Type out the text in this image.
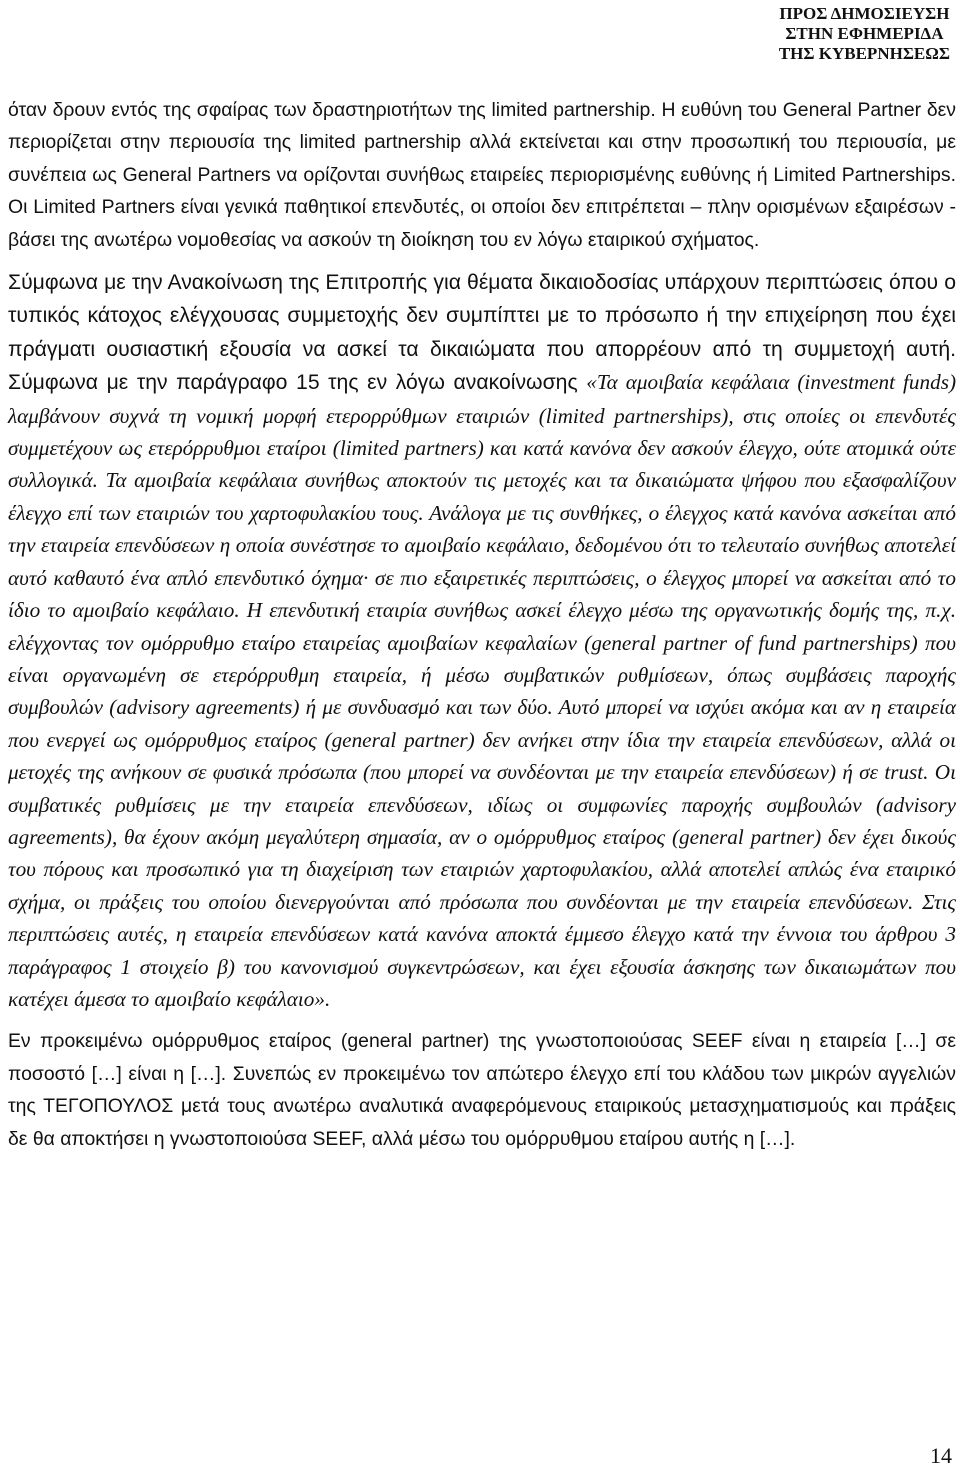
ΠΡΟΣ ΔΗΜΟΣΙΕΥΣΗ
ΣΤΗΝ ΕΦΗΜΕΡΙΔΑ
ΤΗΣ ΚΥΒΕΡΝΗΣΕΩΣ

όταν δρουν εντός της σφαίρας των δραστηριοτήτων της limited partnership. Η ευθύνη του General Partner δεν περιορίζεται στην περιουσία της limited partnership αλλά εκτείνεται και στην προσωπική του περιουσία, με συνέπεια ως General Partners να ορίζονται συνήθως εταιρείες περιορισμένης ευθύνης ή Limited Partnerships. Οι Limited Partners είναι γενικά παθητικοί επενδυτές, οι οποίοι δεν επιτρέπεται – πλην ορισμένων εξαιρέσων - βάσει της ανωτέρω νομοθεσίας να ασκούν τη διοίκηση του εν λόγω εταιρικού σχήματος.

Σύμφωνα με την Ανακοίνωση της Επιτροπής για θέματα δικαιοδοσίας υπάρχουν περιπτώσεις όπου ο τυπικός κάτοχος ελέγχουσας συμμετοχής δεν συμπίπτει με το πρόσωπο ή την επιχείρηση που έχει πράγματι ουσιαστική εξουσία να ασκεί τα δικαιώματα που απορρέουν από τη συμμετοχή αυτή. Σύμφωνα με την παράγραφο 15 της εν λόγω ανακοίνωσης «Τα αμοιβαία κεφάλαια (investment funds) λαμβάνουν συχνά τη νομική μορφή ετερορρύθμων εταιριών (limited partnerships), στις οποίες οι επενδυτές συμμετέχουν ως ετερόρρυθμοι εταίροι (limited partners) και κατά κανόνα δεν ασκούν έλεγχο, ούτε ατομικά ούτε συλλογικά. Τα αμοιβαία κεφάλαια συνήθως αποκτούν τις μετοχές και τα δικαιώματα ψήφου που εξασφαλίζουν έλεγχο επί των εταιριών του χαρτοφυλακίου τους. Ανάλογα με τις συνθήκες, ο έλεγχος κατά κανόνα ασκείται από την εταιρεία επενδύσεων η οποία συνέστησε το αμοιβαίο κεφάλαιο, δεδομένου ότι το τελευταίο συνήθως αποτελεί αυτό καθαυτό ένα απλό επενδυτικό όχημα· σε πιο εξαιρετικές περιπτώσεις, ο έλεγχος μπορεί να ασκείται από το ίδιο το αμοιβαίο κεφάλαιο. Η επενδυτική εταιρία συνήθως ασκεί έλεγχο μέσω της οργανωτικής δομής της, π.χ. ελέγχοντας τον ομόρρυθμο εταίρο εταιρείας αμοιβαίων κεφαλαίων (general partner of fund partnerships) που είναι οργανωμένη σε ετερόρρυθμη εταιρεία, ή μέσω συμβατικών ρυθμίσεων, όπως συμβάσεις παροχής συμβουλών (advisory agreements) ή με συνδυασμό και των δύο. Αυτό μπορεί να ισχύει ακόμα και αν η εταιρεία που ενεργεί ως ομόρρυθμος εταίρος (general partner) δεν ανήκει στην ίδια την εταιρεία επενδύσεων, αλλά οι μετοχές της ανήκουν σε φυσικά πρόσωπα (που μπορεί να συνδέονται με την εταιρεία επενδύσεων) ή σε trust. Οι συμβατικές ρυθμίσεις με την εταιρεία επενδύσεων, ιδίως οι συμφωνίες παροχής συμβουλών (advisory agreements), θα έχουν ακόμη μεγαλύτερη σημασία, αν ο ομόρρυθμος εταίρος (general partner) δεν έχει δικούς του πόρους και προσωπικό για τη διαχείριση των εταιριών χαρτοφυλακίου, αλλά αποτελεί απλώς ένα εταιρικό σχήμα, οι πράξεις του οποίου διενεργούνται από πρόσωπα που συνδέονται με την εταιρεία επενδύσεων. Στις περιπτώσεις αυτές, η εταιρεία επενδύσεων κατά κανόνα αποκτά έμμεσο έλεγχο κατά την έννοια του άρθρου 3 παράγραφος 1 στοιχείο β) του κανονισμού συγκεντρώσεων, και έχει εξουσία άσκησης των δικαιωμάτων που κατέχει άμεσα το αμοιβαίο κεφάλαιο».

Εν προκειμένω ομόρρυθμος εταίρος (general partner) της γνωστοποιούσας SEEF είναι η εταιρεία […] σε ποσοστό […] είναι η […]. Συνεπώς εν προκειμένω τον απώτερο έλεγχο επί του κλάδου των μικρών αγγελιών της ΤΕΓΟΠΟΥΛΟΣ μετά τους ανωτέρω αναλυτικά αναφερόμενους εταιρικούς μετασχηματισμούς και πράξεις δε θα αποκτήσει η γνωστοποιούσα SEEF, αλλά μέσω του ομόρρυθμου εταίρου αυτής η […].

14
